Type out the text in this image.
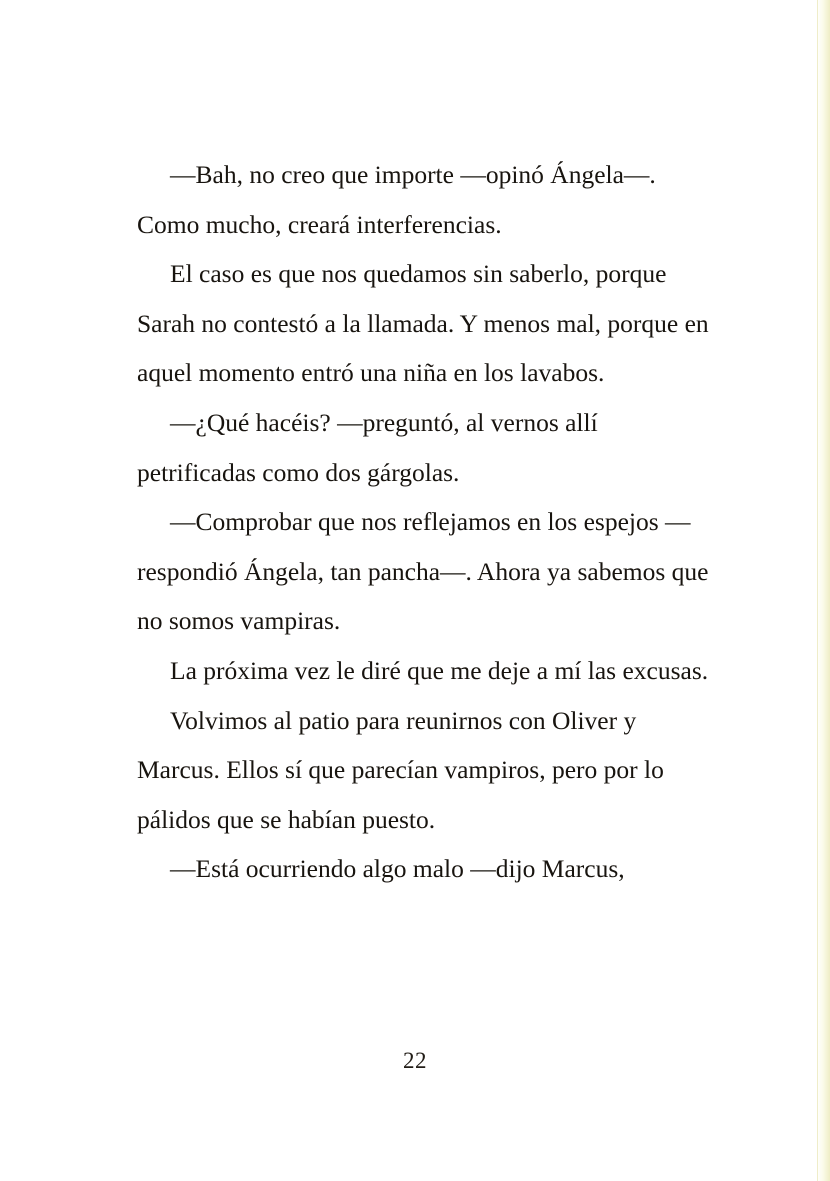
—Bah, no creo que importe —opinó Ángela—. Como mucho, creará interferencias.

El caso es que nos quedamos sin saberlo, porque Sarah no contestó a la llamada. Y menos mal, porque en aquel momento entró una niña en los lavabos.

—¿Qué hacéis? —preguntó, al vernos allí petrificadas como dos gárgolas.

—Comprobar que nos reflejamos en los espejos —respondió Ángela, tan pancha—. Ahora ya sabemos que no somos vampiras.

La próxima vez le diré que me deje a mí las excusas.

Volvimos al patio para reunirnos con Oliver y Marcus. Ellos sí que parecían vampiros, pero por lo pálidos que se habían puesto.

—Está ocurriendo algo malo —dijo Marcus,

22
